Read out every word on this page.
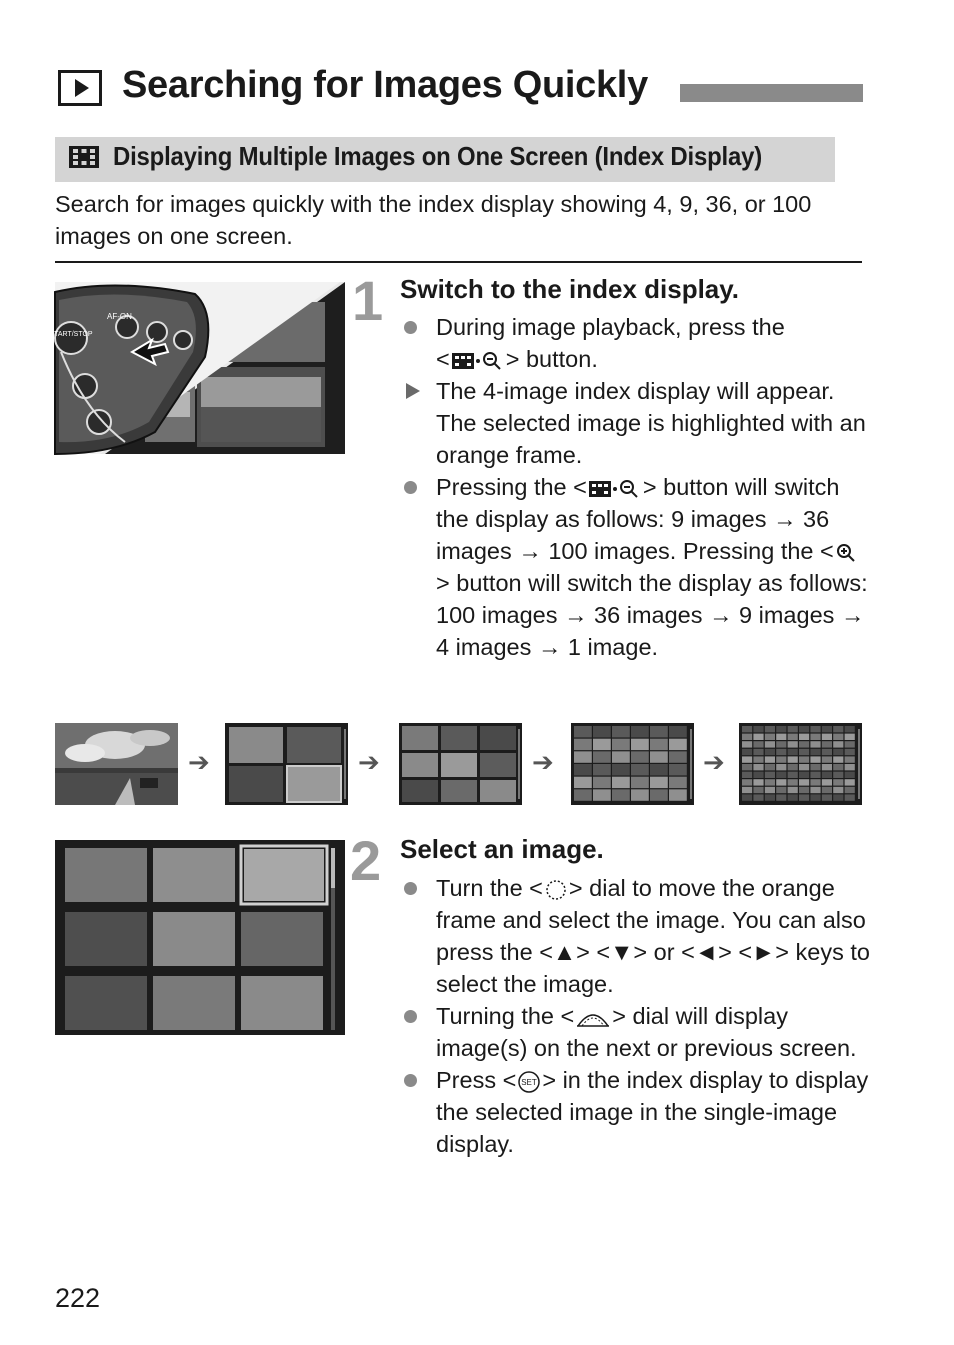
Searching for Images Quickly
Displaying Multiple Images on One Screen (Index Display)
Search for images quickly with the index display showing 4, 9, 36, or 100 images on one screen.
START/STOP
AF-ON	1 Switch to the index display.
During image playback, press the
< > button.
The 4-image index display will appear. The selected image is highlighted with an orange frame.
Pressing the < > button will switch the display as follows: 9 images → 36 images → 100 images. Pressing the <> button will switch the display as follows: 100 images → 36 images → 9 images → 4 images → 1 image.
➔	➔	➔	➔
2 Select an image.
Turn the < > dial to move the orange frame and select the image. You can also press the <▲> <▼> or <◄> <►> keys to select the image.
Turning the < > dial will display image(s) on the next or previous screen.
Press < SET > in the index display to display the selected image in the single-image display.
222
